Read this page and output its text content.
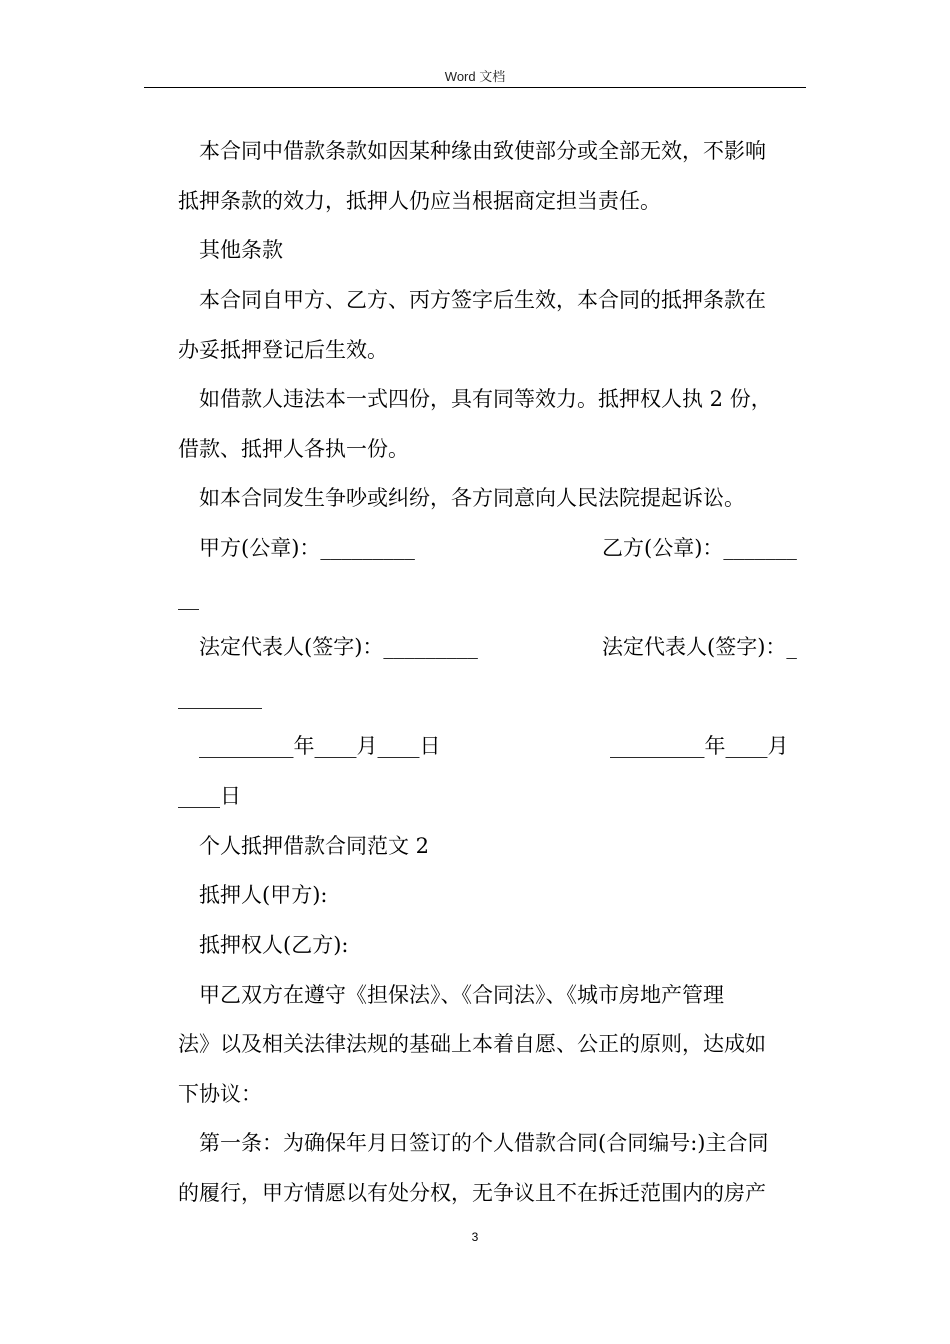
Word 文档
本合同中借款条款如因某种缘由致使部分或全部无效，不影响
抵押条款的效力，抵押人仍应当根据商定担当责任。
其他条款
本合同自甲方、乙方、丙方签字后生效，本合同的抵押条款在
办妥抵押登记后生效。
如借款人违法本一式四份，具有同等效力。抵押权人执 2 份，
借款、抵押人各执一份。
如本合同发生争吵或纠纷，各方同意向人民法院提起诉讼。
甲方(公章)：_________	乙方(公章)：_______
__
法定代表人(签字)：_________	法定代表人(签字)：_
________
_________年____月____日	_________年____月
____日
个人抵押借款合同范文 2
抵押人(甲方):
抵押权人(乙方):
甲乙双方在遵守《担保法》、《合同法》、《城市房地产管理
法》以及相关法律法规的基础上本着自愿、公正的原则，达成如
下协议：
第一条：为确保年月日签订的个人借款合同(合同编号:)主合同
的履行，甲方情愿以有处分权，无争议且不在拆迁范围内的房产
3
